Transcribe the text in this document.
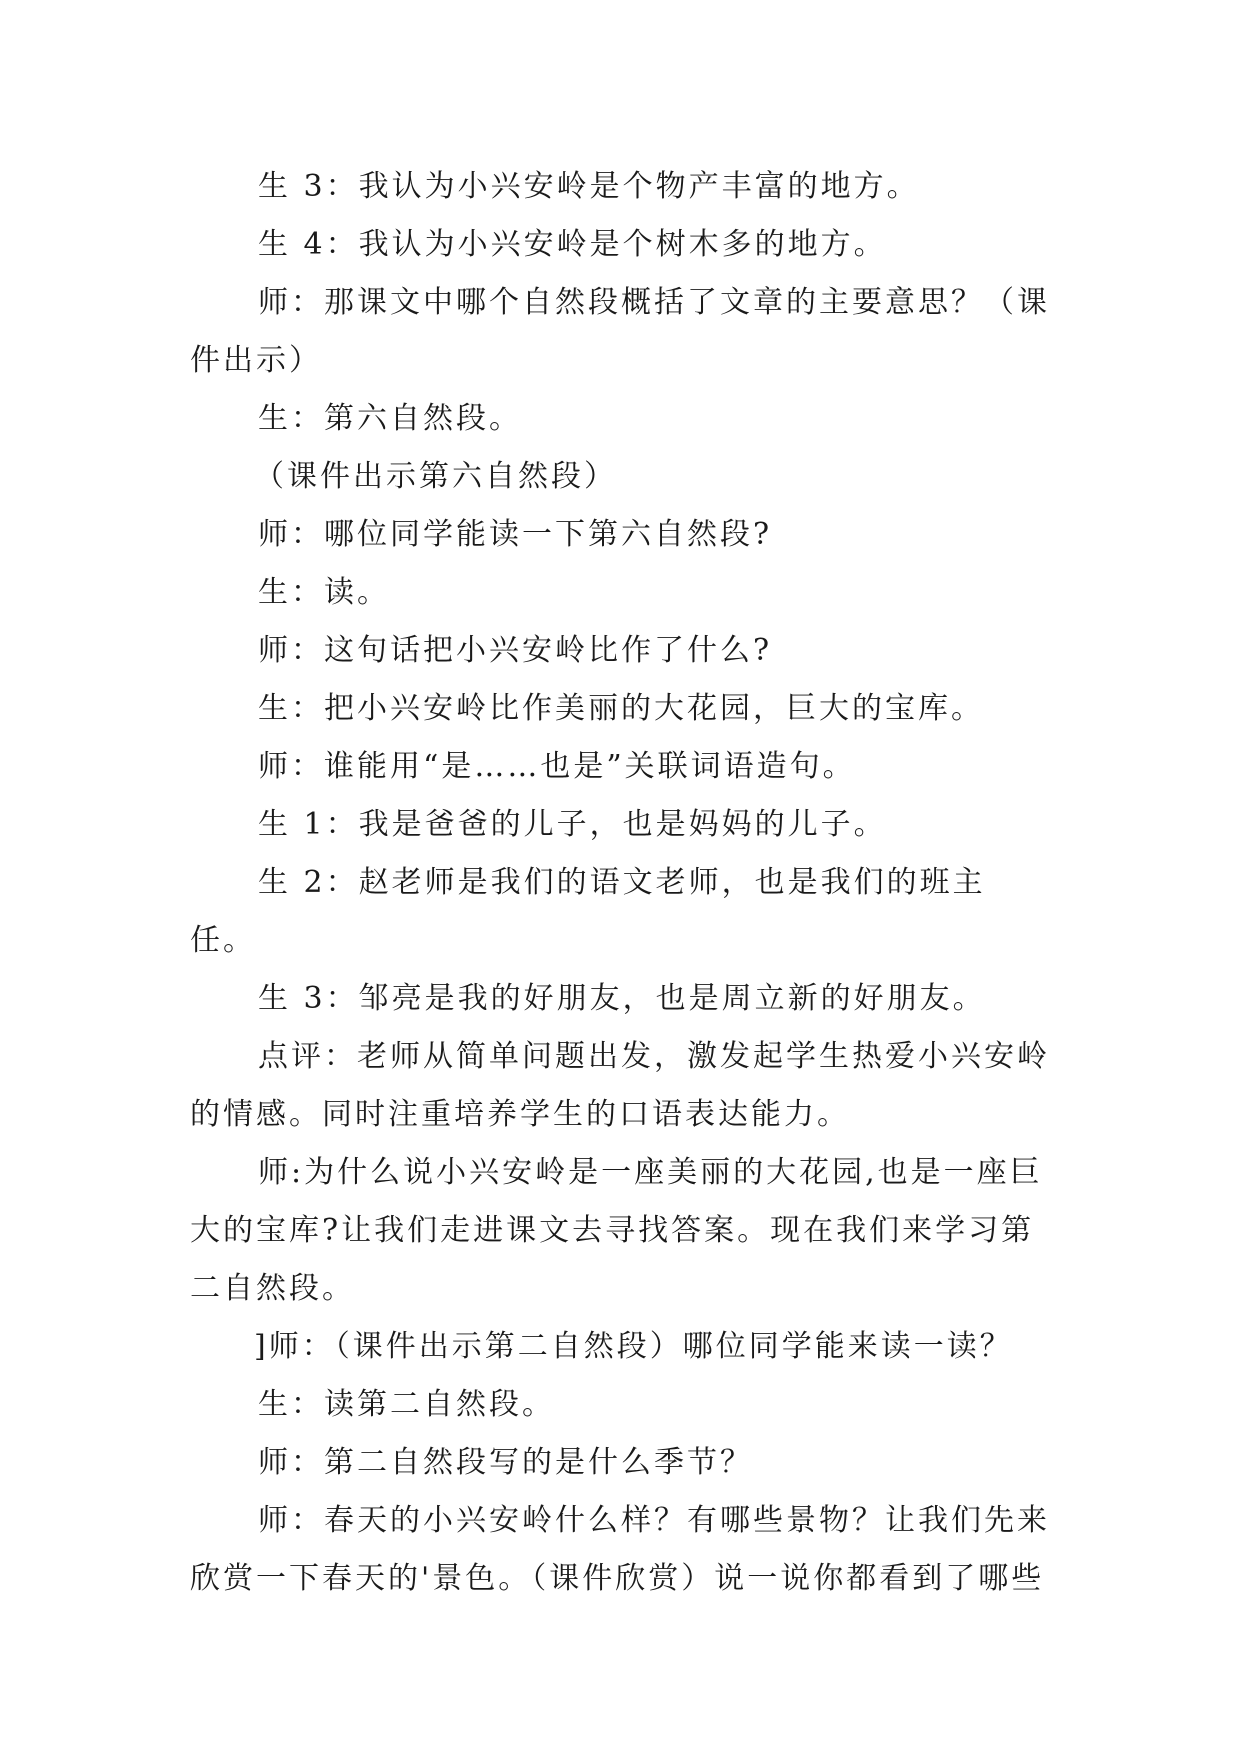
生 3：我认为小兴安岭是个物产丰富的地方。

生 4：我认为小兴安岭是个树木多的地方。

师：那课文中哪个自然段概括了文章的主要意思？（课件出示）

生：第六自然段。

（课件出示第六自然段）

师：哪位同学能读一下第六自然段?

生：读。

师：这句话把小兴安岭比作了什么?

生：把小兴安岭比作美丽的大花园，巨大的宝库。

师：谁能用“是……也是”关联词语造句。

生 1：我是爸爸的儿子，也是妈妈的儿子。

生 2：赵老师是我们的语文老师，也是我们的班主任。

生 3：邹亮是我的好朋友，也是周立新的好朋友。

点评：老师从简单问题出发，激发起学生热爱小兴安岭的情感。同时注重培养学生的口语表达能力。

师:为什么说小兴安岭是一座美丽的大花园,也是一座巨大的宝库?让我们走进课文去寻找答案。现在我们来学习第二自然段。

]师：（课件出示第二自然段）哪位同学能来读一读？

生：读第二自然段。

师：第二自然段写的是什么季节？

师：春天的小兴安岭什么样？有哪些景物？让我们先来欣赏一下春天的'景色。（课件欣赏）说一说你都看到了哪些
